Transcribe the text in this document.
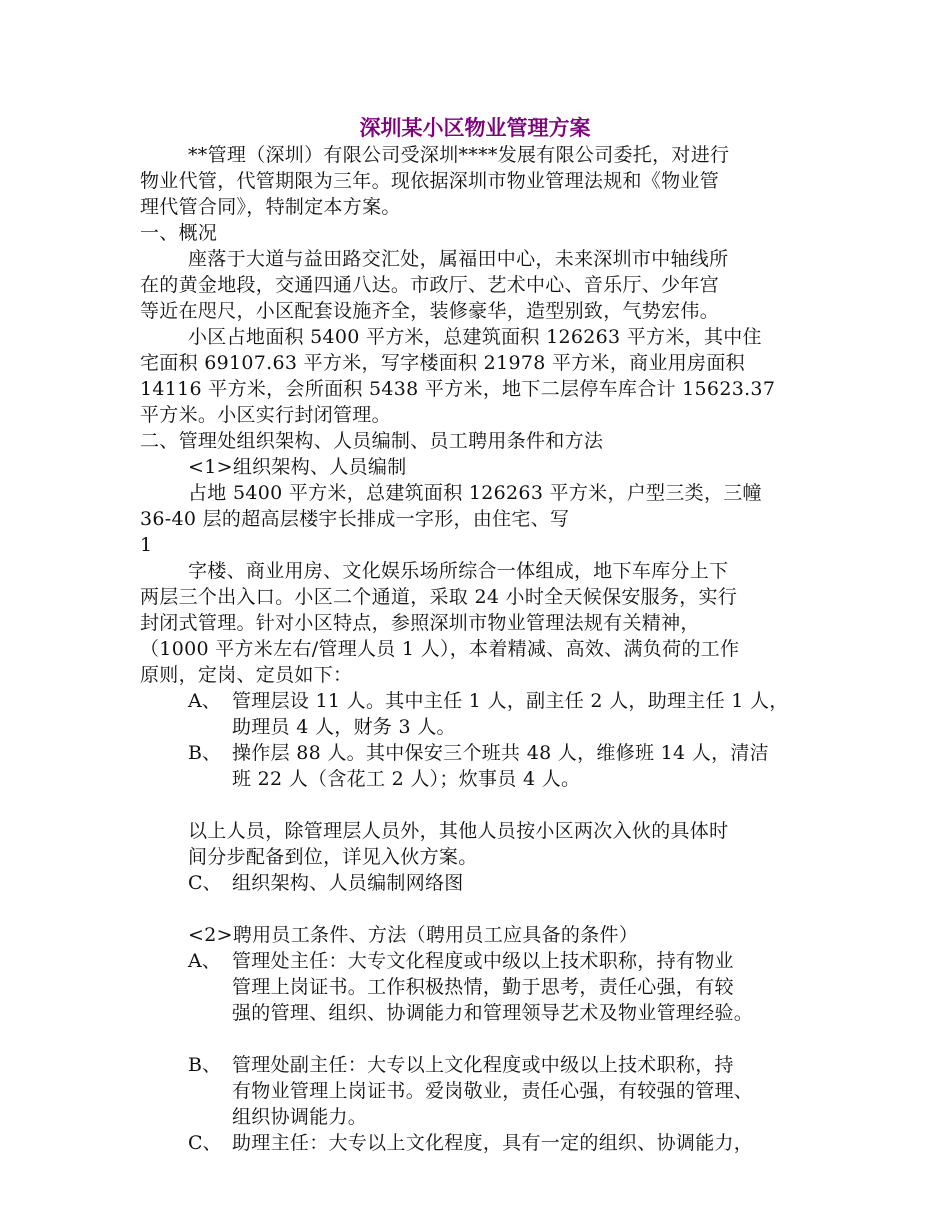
深圳某小区物业管理方案
**管理（深圳）有限公司受深圳****发展有限公司委托，对进行
物业代管，代管期限为三年。现依据深圳市物业管理法规和《物业管
理代管合同》，特制定本方案。
一、概况
座落于大道与益田路交汇处，属福田中心，未来深圳市中轴线所
在的黄金地段，交通四通八达。市政厅、艺术中心、音乐厅、少年宫
等近在咫尺，小区配套设施齐全，装修豪华，造型别致，气势宏伟。
小区占地面积 5400 平方米，总建筑面积 126263 平方米，其中住
宅面积 69107.63 平方米，写字楼面积 21978 平方米，商业用房面积
14116 平方米，会所面积 5438 平方米，地下二层停车库合计 15623.37
平方米。小区实行封闭管理。
二、管理处组织架构、人员编制、员工聘用条件和方法
<1>组织架构、人员编制
占地 5400 平方米，总建筑面积 126263 平方米，户型三类，三幢
36-40 层的超高层楼宇长排成一字形，由住宅、写
1
字楼、商业用房、文化娱乐场所综合一体组成，地下车库分上下
两层三个出入口。小区二个通道，采取 24 小时全天候保安服务，实行
封闭式管理。针对小区特点，参照深圳市物业管理法规有关精神，
（1000 平方米左右/管理人员 1 人），本着精减、高效、满负荷的工作
原则，定岗、定员如下：
A、 管理层设 11 人。其中主任 1 人，副主任 2 人，助理主任 1 人，
助理员 4 人，财务 3 人。
B、 操作层 88 人。其中保安三个班共 48 人，维修班 14 人，清洁
班 22 人（含花工 2 人）；炊事员 4 人。
以上人员，除管理层人员外，其他人员按小区两次入伙的具体时
间分步配备到位，详见入伙方案。
C、 组织架构、人员编制网络图
<2>聘用员工条件、方法（聘用员工应具备的条件）
A、 管理处主任：大专文化程度或中级以上技术职称，持有物业
管理上岗证书。工作积极热情，勤于思考，责任心强，有较
强的管理、组织、协调能力和管理领导艺术及物业管理经验。
B、 管理处副主任：大专以上文化程度或中级以上技术职称，持
有物业管理上岗证书。爱岗敬业，责任心强，有较强的管理、
组织协调能力。
C、 助理主任：大专以上文化程度，具有一定的组织、协调能力，
